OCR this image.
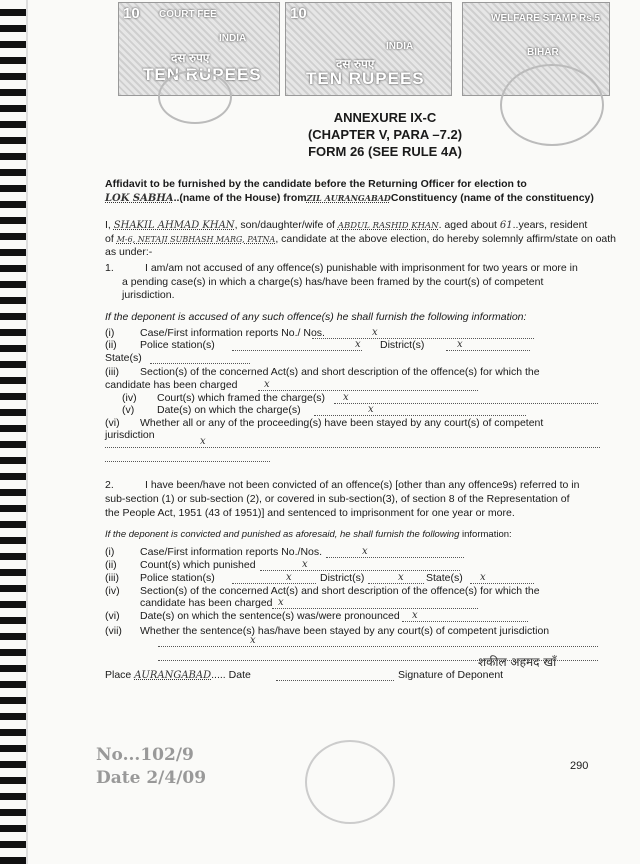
10 COURT FEE
INDIA
दस रुपए
TEN RUPEES
10
INDIA
दस रुपए
TEN RUPEES
WELFARE STAMP Rs.5
BIHAR
ANNEXURE IX-C
(CHAPTER V, PARA –7.2)
FORM 26 (SEE RULE 4A)
Affidavit to be furnished by the candidate before the Returning Officer for election to
LOK SABHA..(name of the House) fromZIL AURANGABADConstituency (name of the constituency)
I, SHAKIL AHMAD KHAN, son/daughter/wife of ABDUL RASHID KHAN. aged about 61..years, resident
of M-6, NETAJI SUBHASH MARG, PATNA, candidate at the above election, do hereby solemnly affirm/state on oath
as under:-
1.	I am/am not accused of any offence(s) punishable with imprisonment for two years or more in
a pending case(s) in which a charge(s) has/have been framed by the court(s) of competent
jurisdiction.
If the deponent is accused of any such offence(s) he shall furnish the following information:
(i) Case/First information reports No./ Nos.	x
(ii) Police station(s)	x District(s)	x
State(s)
(iii) Section(s) of the concerned Act(s) and short description of the offence(s) for which the
candidate has been charged	x
(iv) Court(s) which framed the charge(s) x
(v) Date(s) on which the charge(s)	x
(vi) Whether all or any of the proceeding(s) have been stayed by any court(s) of competent
jurisdiction
x
2.	I have been/have not been convicted of an offence(s) [other than any offence9s) referred to in
sub-section (1) or sub-section (2), or covered in sub-section(3), of section 8 of the Representation of
the People Act, 1951 (43 of 1951)] and sentenced to imprisonment for one year or more.
If the deponent is convicted and punished as aforesaid, he shall furnish the following information:
(i) Case/First information reports No./Nos.	x
(ii) Count(s) which punished	x
(iii) Police station(s)	x	District(s)	x State(s) x
(iv) Section(s) of the concerned Act(s) and short description of the offence(s) for which the
candidate has been charged x
(vi) Date(s) on which the sentence(s) was/were pronounced x
(vii) Whether the sentence(s) has/have been stayed by any court(s) of competent jurisdiction
x
शकील अहमद खाँ
Place AURANGABAD..... Date	Signature of Deponent
No...102/9
Date 2/4/09
290
